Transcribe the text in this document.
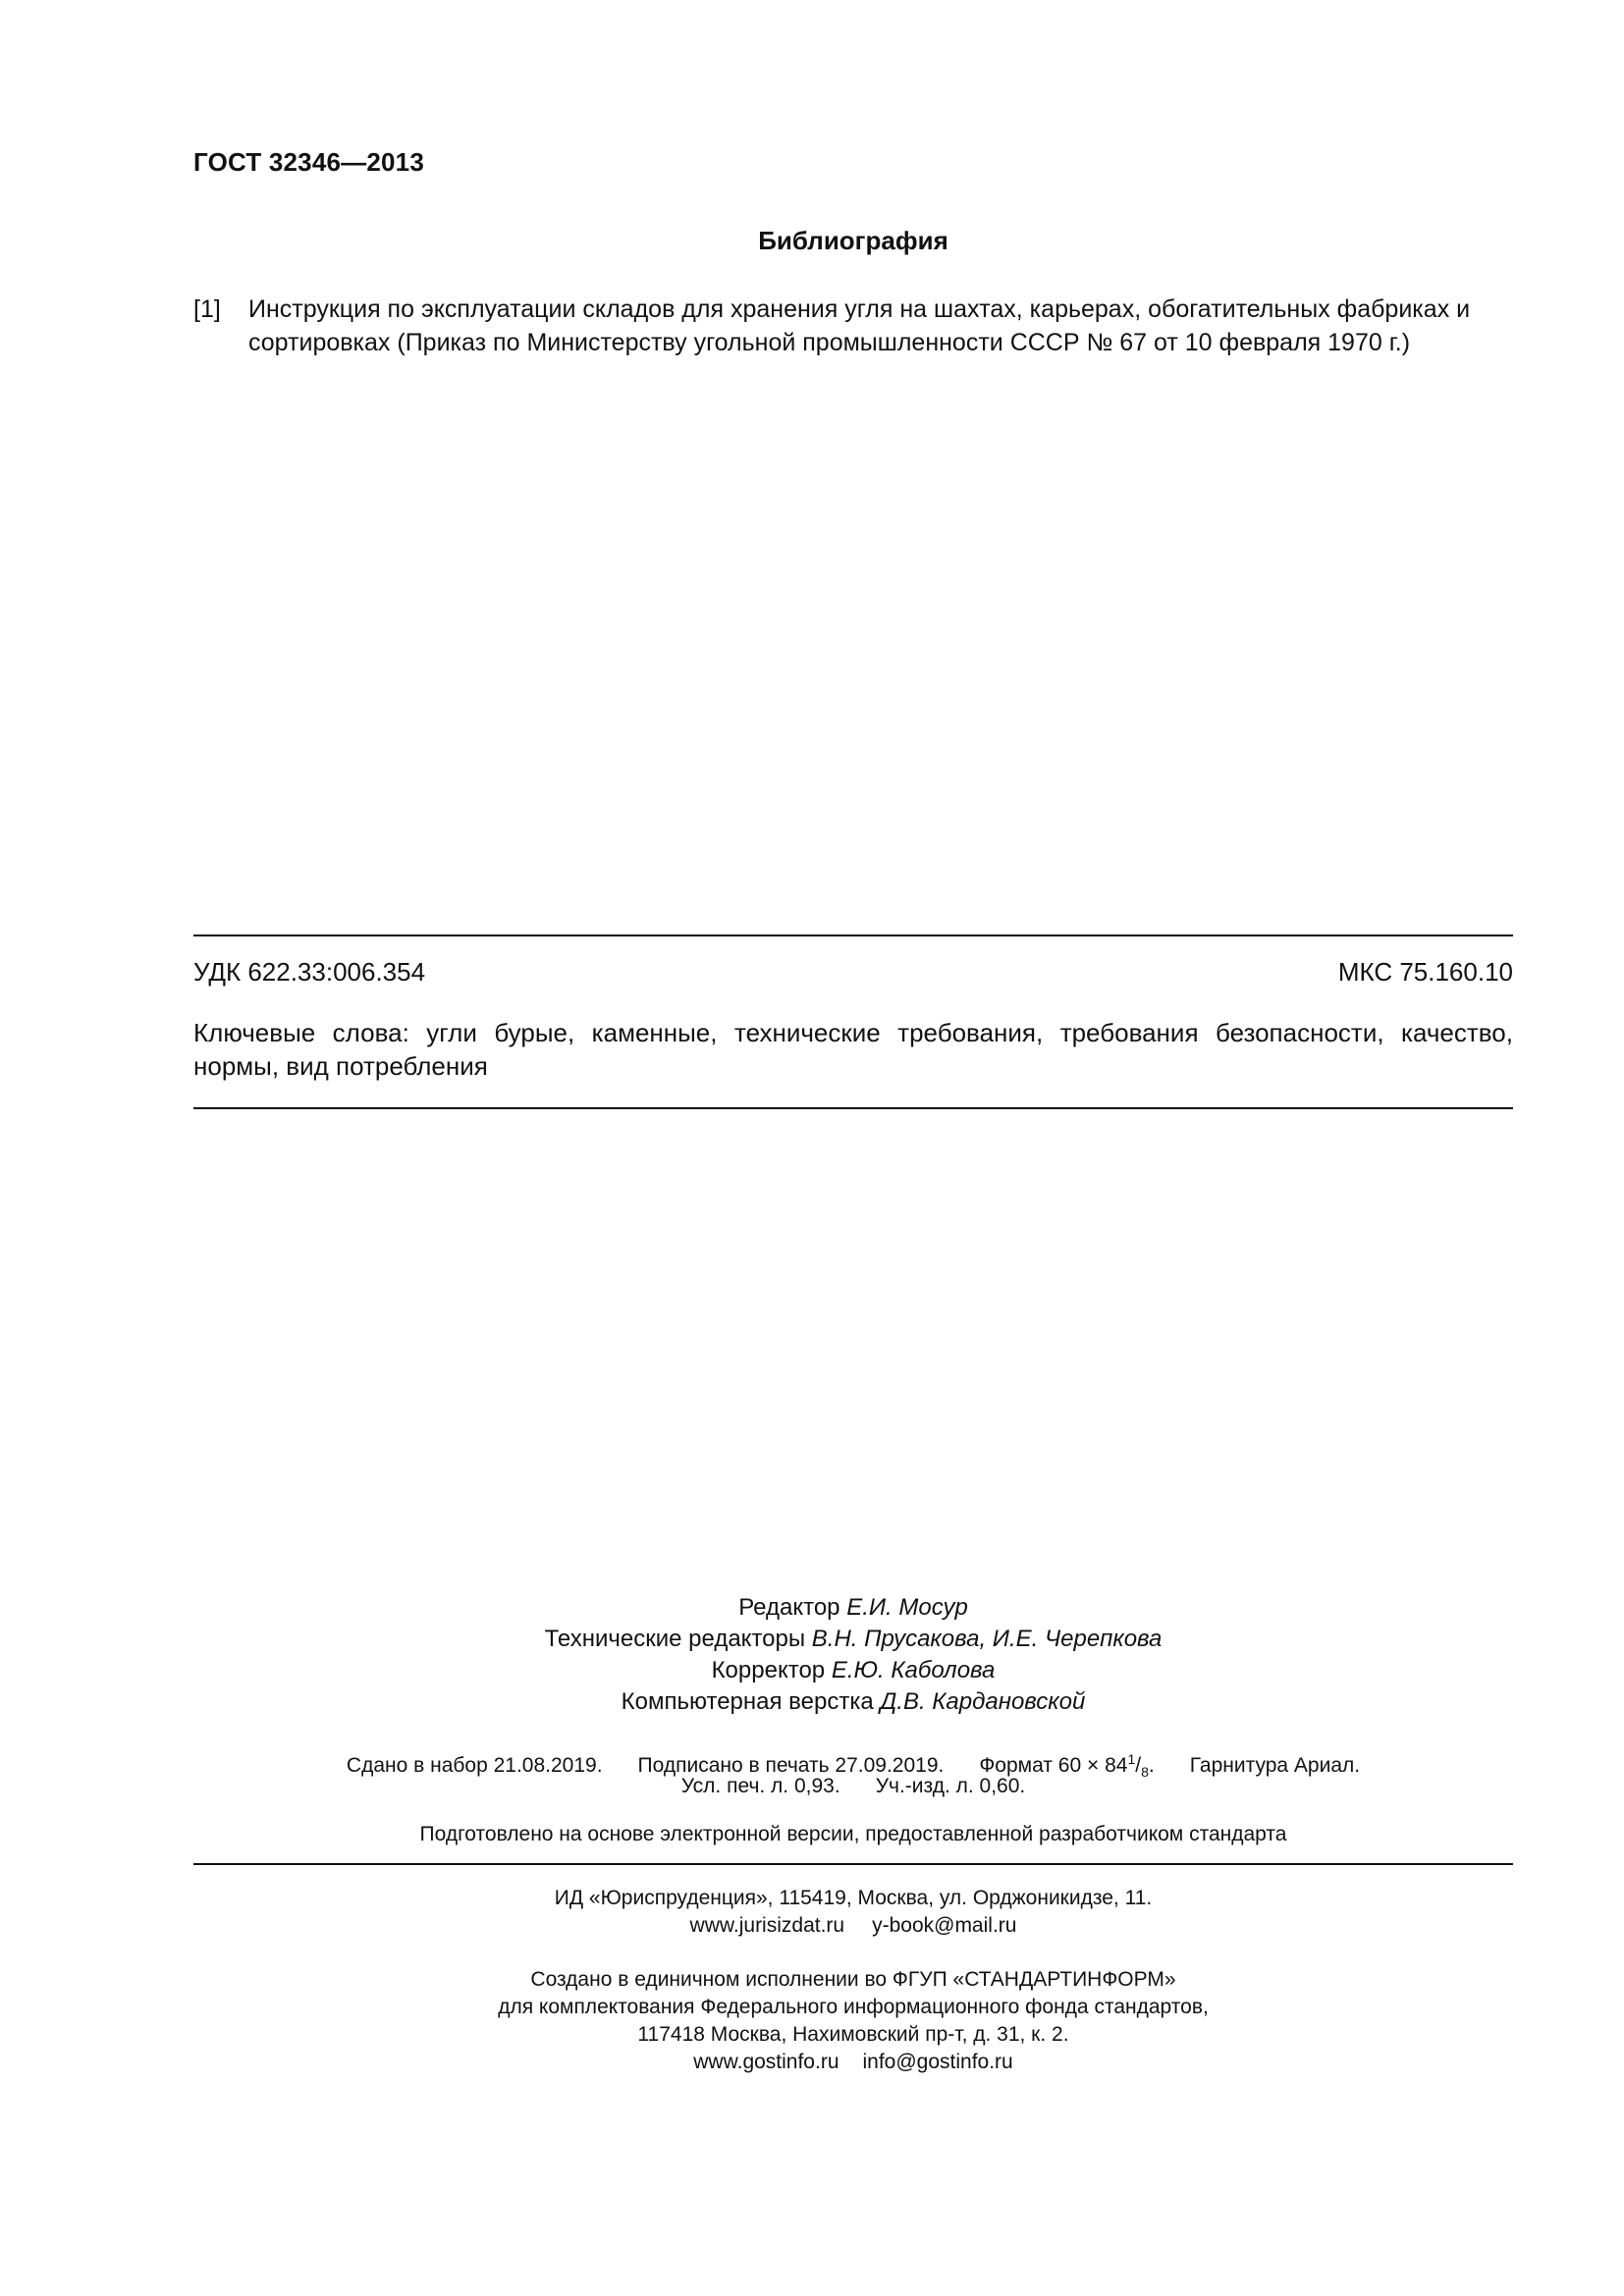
ГОСТ 32346—2013
Библиография
[1]	Инструкция по эксплуатации складов для хранения угля на шахтах, карьерах, обогатительных фабриках и сортировках (Приказ по Министерству угольной промышленности СССР № 67 от 10 февраля 1970 г.)
УДК 622.33:006.354	МКС 75.160.10
Ключевые слова: угли бурые, каменные, технические требования, требования безопасности, качество, нормы, вид потребления
Редактор Е.И. Мосур
Технические редакторы В.Н. Прусакова, И.Е. Черепкова
Корректор Е.Ю. Каболова
Компьютерная верстка Д.В. Кардановской
Сдано в набор 21.08.2019. Подписано в печать 27.09.2019. Формат $60 \times 84^1/_8$. Гарнитура Ариал.
Усл. печ. л. 0,93. Уч.-изд. л. 0,60.
Подготовлено на основе электронной версии, предоставленной разработчиком стандарта
ИД «Юриспруденция», 115419, Москва, ул. Орджоникидзе, 11.
www.jurisizdat.ru y-book@mail.ru
Создано в единичном исполнении во ФГУП «СТАНДАРТИНФОРМ»
для комплектования Федерального информационного фонда стандартов,
117418 Москва, Нахимовский пр-т, д. 31, к. 2.
www.gostinfo.ru info@gostinfo.ru
